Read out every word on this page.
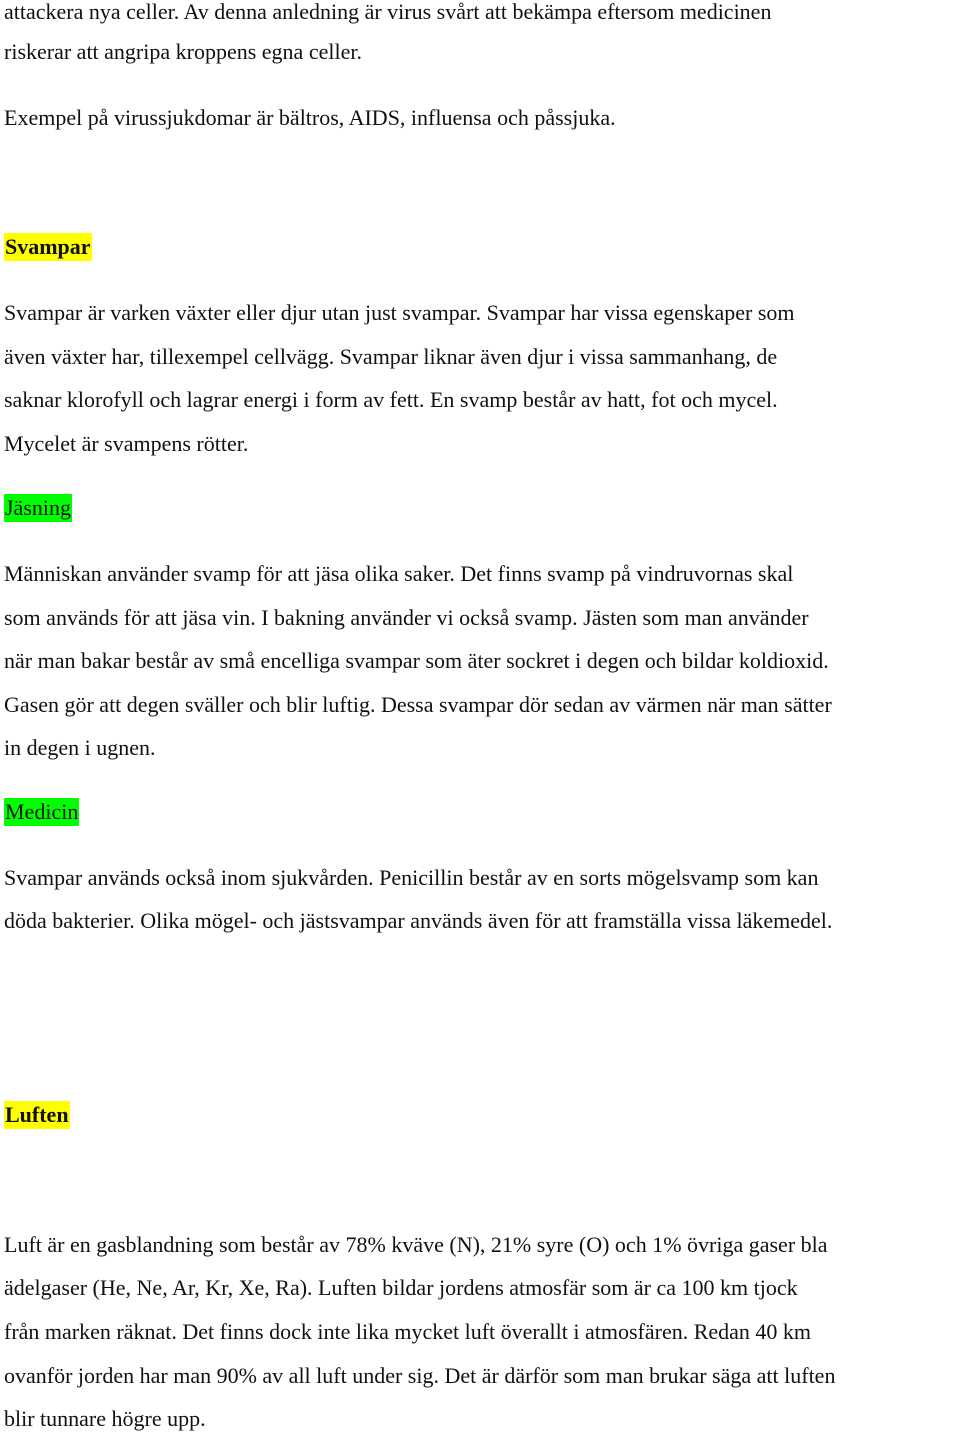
attackera nya celler. Av denna anledning är virus svårt att bekämpa eftersom medicinen

riskerar att angripa kroppens egna celler.

Exempel på virussjukdomar är bältros, AIDS, influensa och påssjuka.

Svampar

Svampar är varken växter eller djur utan just svampar. Svampar har vissa egenskaper som

även växter har, tillexempel cellvägg. Svampar liknar även djur i vissa sammanhang, de

saknar klorofyll och lagrar energi i form av fett. En svamp består av hatt, fot och mycel.

Mycelet är svampens rötter.

Jäsning

Människan använder svamp för att jäsa olika saker. Det finns svamp på vindruvornas skal

som används för att jäsa vin. I bakning använder vi också svamp. Jästen som man använder

när man bakar består av små encelliga svampar som äter sockret i degen och bildar koldioxid.

Gasen gör att degen sväller och blir luftig. Dessa svampar dör sedan av värmen när man sätter

in degen i ugnen.

Medicin

Svampar används också inom sjukvården. Penicillin består av en sorts mögelsvamp som kan

döda bakterier. Olika mögel- och jästsvampar används även för att framställa vissa läkemedel.

Luften

Luft är en gasblandning som består av 78% kväve (N), 21% syre (O) och 1% övriga gaser bla

ädelgaser (He, Ne, Ar, Kr, Xe, Ra). Luften bildar jordens atmosfär som är ca 100 km tjock

från marken räknat. Det finns dock inte lika mycket luft överallt i atmosfären. Redan 40 km

ovanför jorden har man 90% av all luft under sig. Det är därför som man brukar säga att luften

blir tunnare högre upp.
